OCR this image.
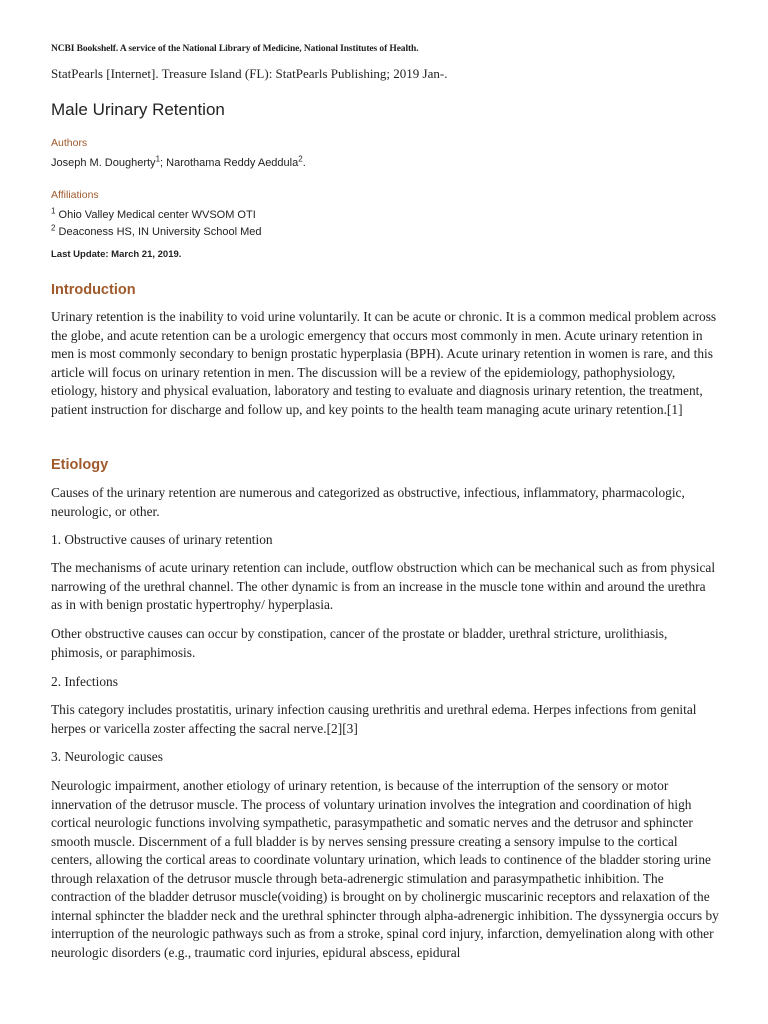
NCBI Bookshelf. A service of the National Library of Medicine, National Institutes of Health.
StatPearls [Internet]. Treasure Island (FL): StatPearls Publishing; 2019 Jan-.
Male Urinary Retention
Authors
Joseph M. Dougherty$^1$; Narothama Reddy Aeddula$^2$.
Affiliations
$^1$ Ohio Valley Medical center WVSOM OTI
$^2$ Deaconess HS, IN University School Med
Last Update: March 21, 2019.
Introduction

Urinary retention is the inability to void urine voluntarily. It can be acute or chronic. It is a common medical problem across the globe, and acute retention can be a urologic emergency that occurs most commonly in men. Acute urinary retention in men is most commonly secondary to benign prostatic hyperplasia (BPH). Acute urinary retention in women is rare, and this article will focus on urinary retention in men. The discussion will be a review of the epidemiology, pathophysiology, etiology, history and physical evaluation, laboratory and testing to evaluate and diagnosis urinary retention, the treatment, patient instruction for discharge and follow up, and key points to the health team managing acute urinary retention.[1]

Etiology

Causes of the urinary retention are numerous and categorized as obstructive, infectious, inflammatory, pharmacologic, neurologic, or other.

1. Obstructive causes of urinary retention

The mechanisms of acute urinary retention can include, outflow obstruction which can be mechanical such as from physical narrowing of the urethral channel. The other dynamic is from an increase in the muscle tone within and around the urethra as in with benign prostatic hypertrophy/ hyperplasia.

Other obstructive causes can occur by constipation, cancer of the prostate or bladder, urethral stricture, urolithiasis, phimosis, or paraphimosis.

2. Infections

This category includes prostatitis, urinary infection causing urethritis and urethral edema. Herpes infections from genital herpes or varicella zoster affecting the sacral nerve.[2][3]

3. Neurologic causes

Neurologic impairment, another etiology of urinary retention, is because of the interruption of the sensory or motor innervation of the detrusor muscle. The process of voluntary urination involves the integration and coordination of high cortical neurologic functions involving sympathetic, parasympathetic and somatic nerves and the detrusor and sphincter smooth muscle. Discernment of a full bladder is by nerves sensing pressure creating a sensory impulse to the cortical centers, allowing the cortical areas to coordinate voluntary urination, which leads to continence of the bladder storing urine through relaxation of the detrusor muscle through beta-adrenergic stimulation and parasympathetic inhibition. The contraction of the bladder detrusor muscle(voiding) is brought on by cholinergic muscarinic receptors and relaxation of the internal sphincter the bladder neck and the urethral sphincter through alpha-adrenergic inhibition. The dyssynergia occurs by interruption of the neurologic pathways such as from a stroke, spinal cord injury, infarction, demyelination along with other neurologic disorders (e.g., traumatic cord injuries, epidural abscess, epidural
